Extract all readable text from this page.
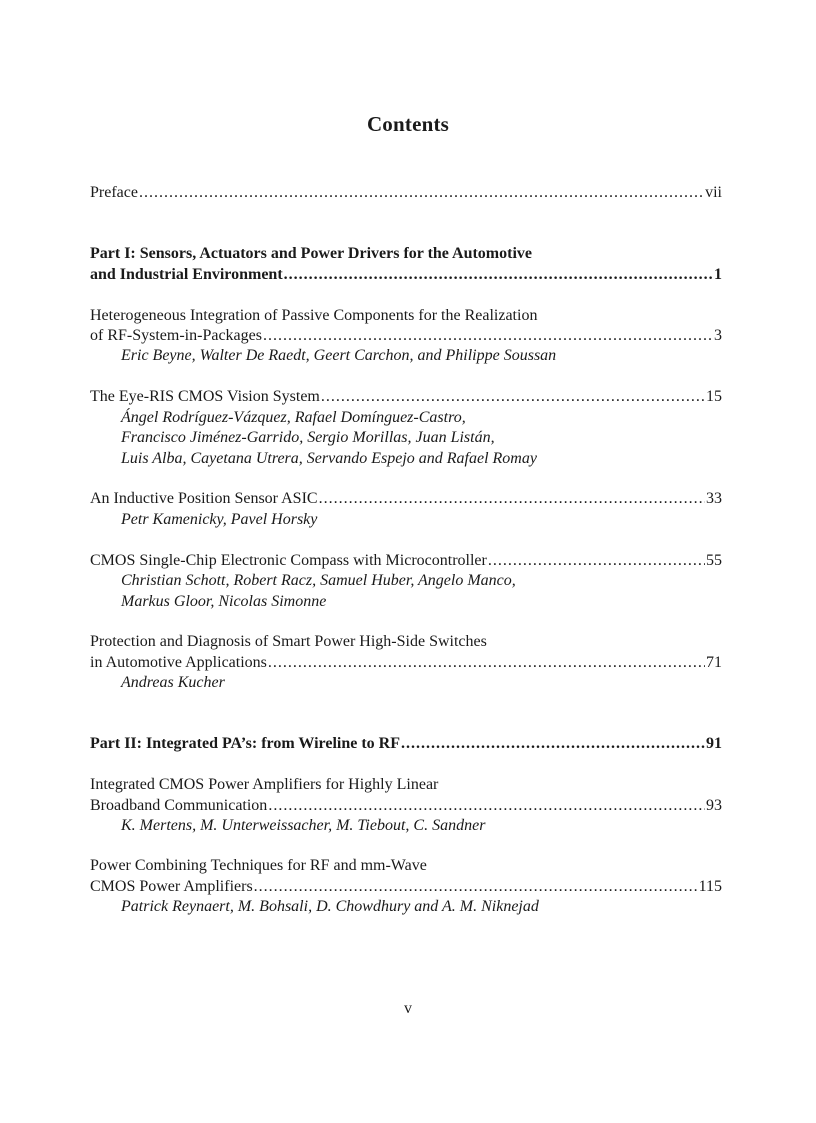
Contents
Preface .....	vii
Part I: Sensors, Actuators and Power Drivers for the Automotive
and Industrial Environment .....	1
Heterogeneous Integration of Passive Components for the Realization
of RF-System-in-Packages .....	3
Eric Beyne, Walter De Raedt, Geert Carchon, and Philippe Soussan
The Eye-RIS CMOS Vision System .....	15
Ángel Rodríguez-Vázquez, Rafael Domínguez-Castro,
Francisco Jiménez-Garrido, Sergio Morillas, Juan Listán,
Luis Alba, Cayetana Utrera, Servando Espejo and Rafael Romay
An Inductive Position Sensor ASIC .....	33
Petr Kamenicky, Pavel Horsky
CMOS Single-Chip Electronic Compass with Microcontroller .....	55
Christian Schott, Robert Racz, Samuel Huber, Angelo Manco,
Markus Gloor, Nicolas Simonne
Protection and Diagnosis of Smart Power High-Side Switches
in Automotive Applications .....	71
Andreas Kucher
Part II: Integrated PA’s: from Wireline to RF .....	91
Integrated CMOS Power Amplifiers for Highly Linear
Broadband Communication .....	93
K. Mertens, M. Unterweissacher, M. Tiebout, C. Sandner
Power Combining Techniques for RF and mm-Wave
CMOS Power Amplifiers .....	115
Patrick Reynaert, M. Bohsali, D. Chowdhury and A. M. Niknejad
v
